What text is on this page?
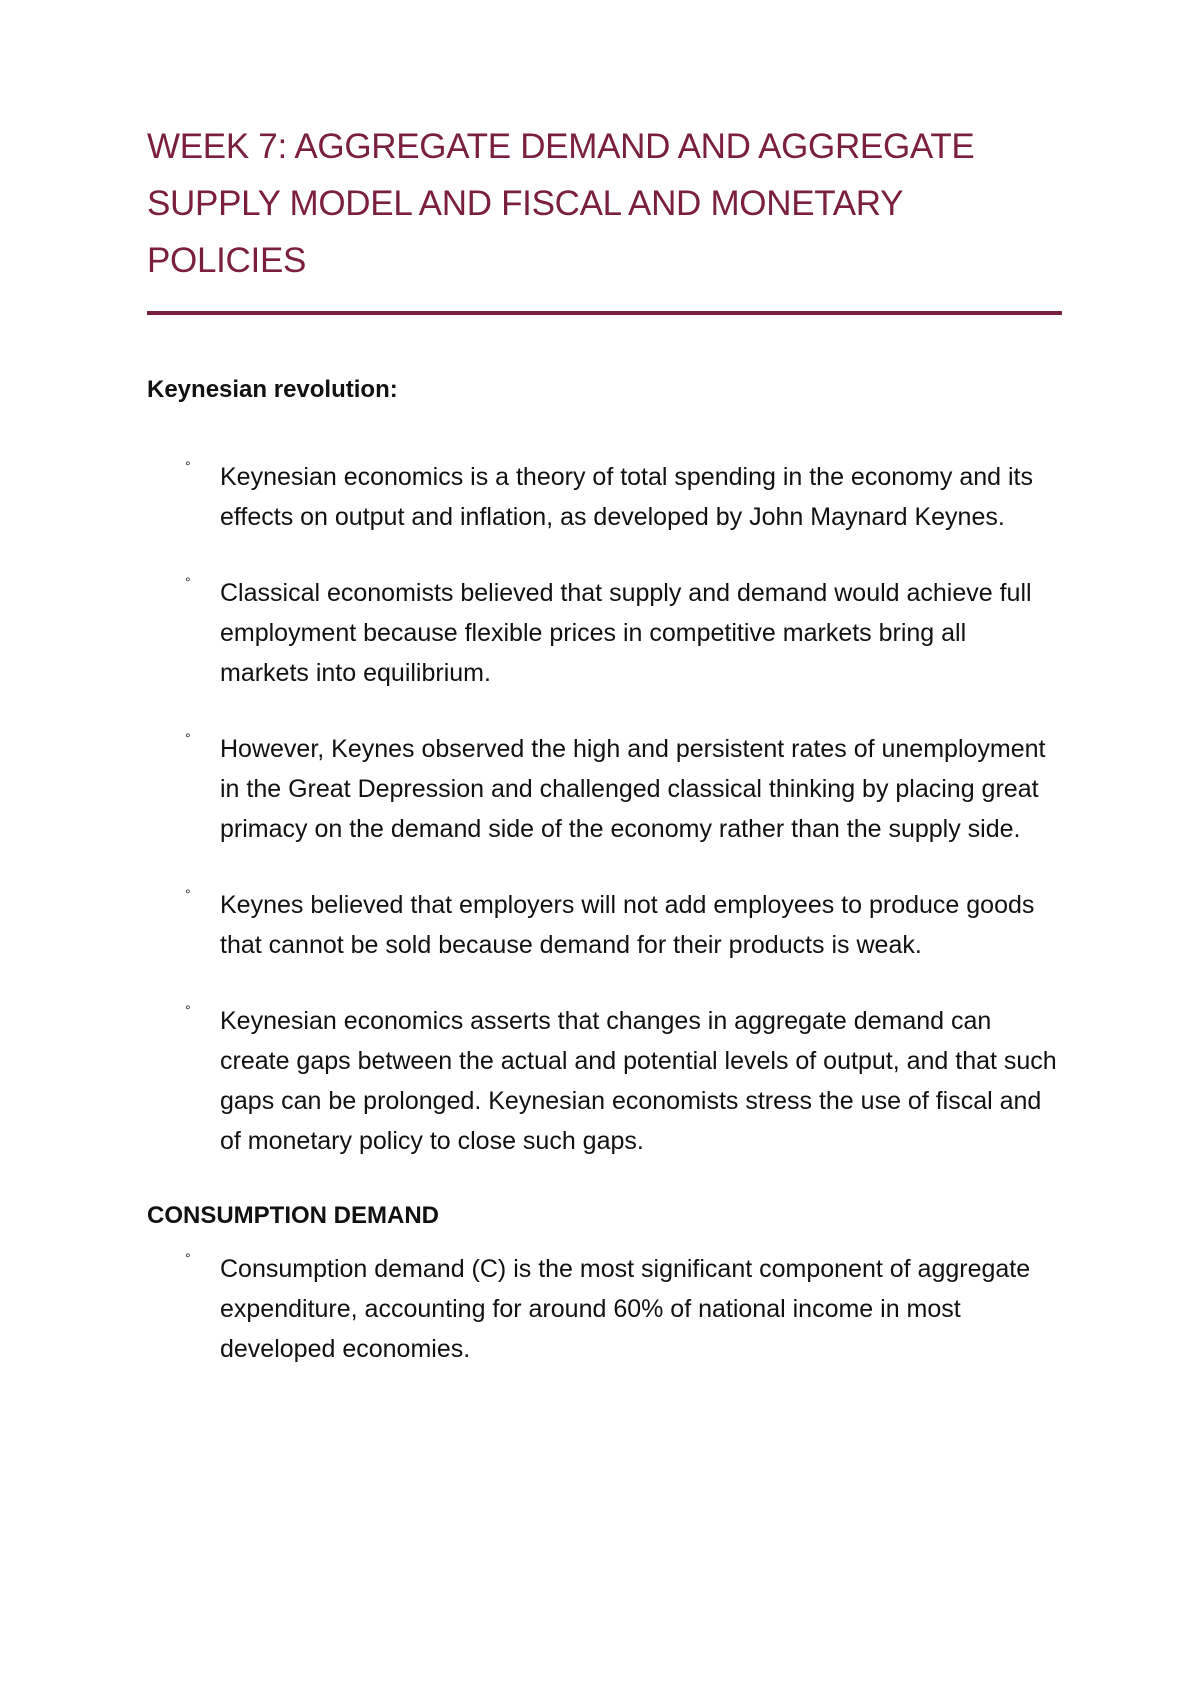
WEEK 7: AGGREGATE DEMAND AND AGGREGATE
SUPPLY MODEL AND FISCAL AND MONETARY POLICIES
Keynesian revolution:
° Keynesian economics is a theory of total spending in the economy and its effects on output and inflation, as developed by John Maynard Keynes.
° Classical economists believed that supply and demand would achieve full employment because flexible prices in competitive markets bring all markets into equilibrium.
° However, Keynes observed the high and persistent rates of unemployment in the Great Depression and challenged classical thinking by placing great primacy on the demand side of the economy rather than the supply side.
° Keynes believed that employers will not add employees to produce goods that cannot be sold because demand for their products is weak.
° Keynesian economics asserts that changes in aggregate demand can create gaps between the actual and potential levels of output, and that such gaps can be prolonged. Keynesian economists stress the use of fiscal and of monetary policy to close such gaps.
CONSUMPTION DEMAND
° Consumption demand (C) is the most significant component of aggregate expenditure, accounting for around 60% of national income in most developed economies.
